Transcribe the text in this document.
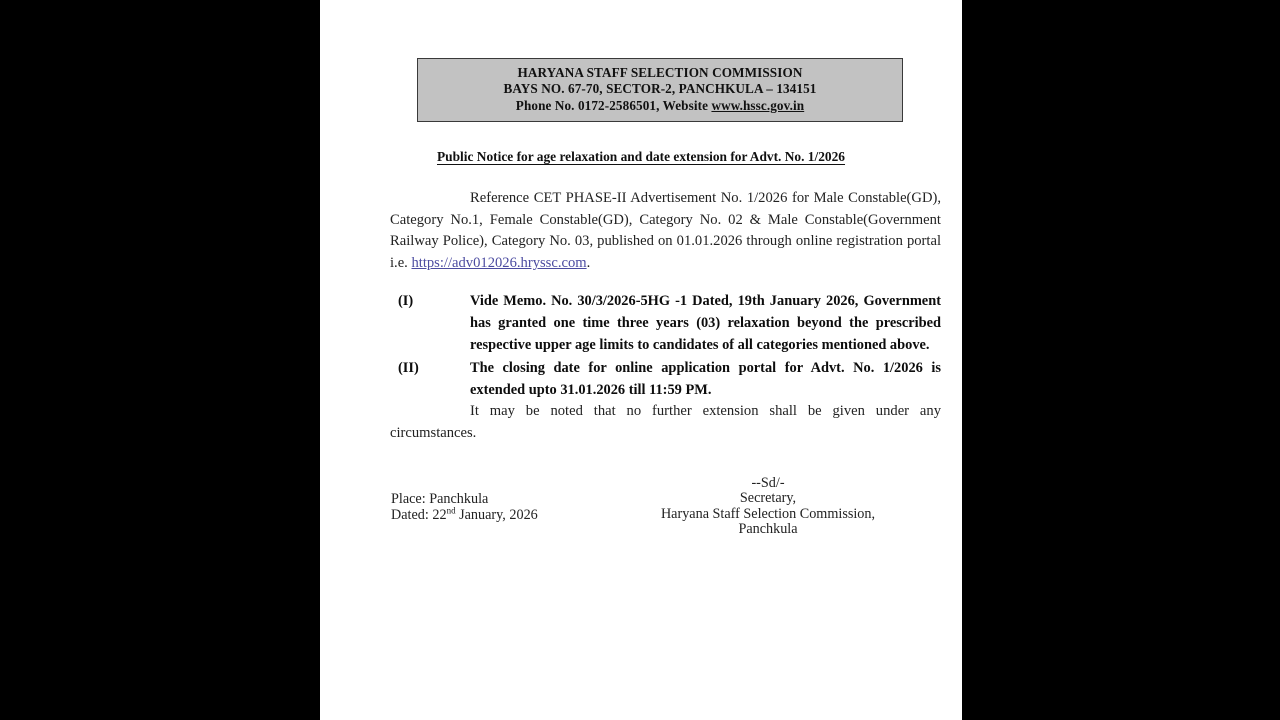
HARYANA STAFF SELECTION COMMISSION
BAYS NO. 67-70, SECTOR-2, PANCHKULA – 134151
Phone No. 0172-2586501, Website www.hssc.gov.in
Public Notice for age relaxation and date extension for Advt. No. 1/2026

Reference CET PHASE-II Advertisement No. 1/2026 for Male Constable(GD), Category No.1, Female Constable(GD), Category No. 02 & Male Constable(Government Railway Police), Category No. 03, published on 01.01.2026 through online registration portal i.e. https://adv012026.hryssc.com.

(I)	Vide Memo. No. 30/3/2026-5HG -1 Dated, 19th January 2026, Government has granted one time three years (03) relaxation beyond the prescribed respective upper age limits to candidates of all categories mentioned above.
(II)	The closing date for online application portal for Advt. No. 1/2026 is extended upto 31.01.2026 till 11:59 PM.

It may be noted that no further extension shall be given under any circumstances.

Place: Panchkula
Dated: 22nd January, 2026
--Sd/-
Secretary,
Haryana Staff Selection Commission,
Panchkula
